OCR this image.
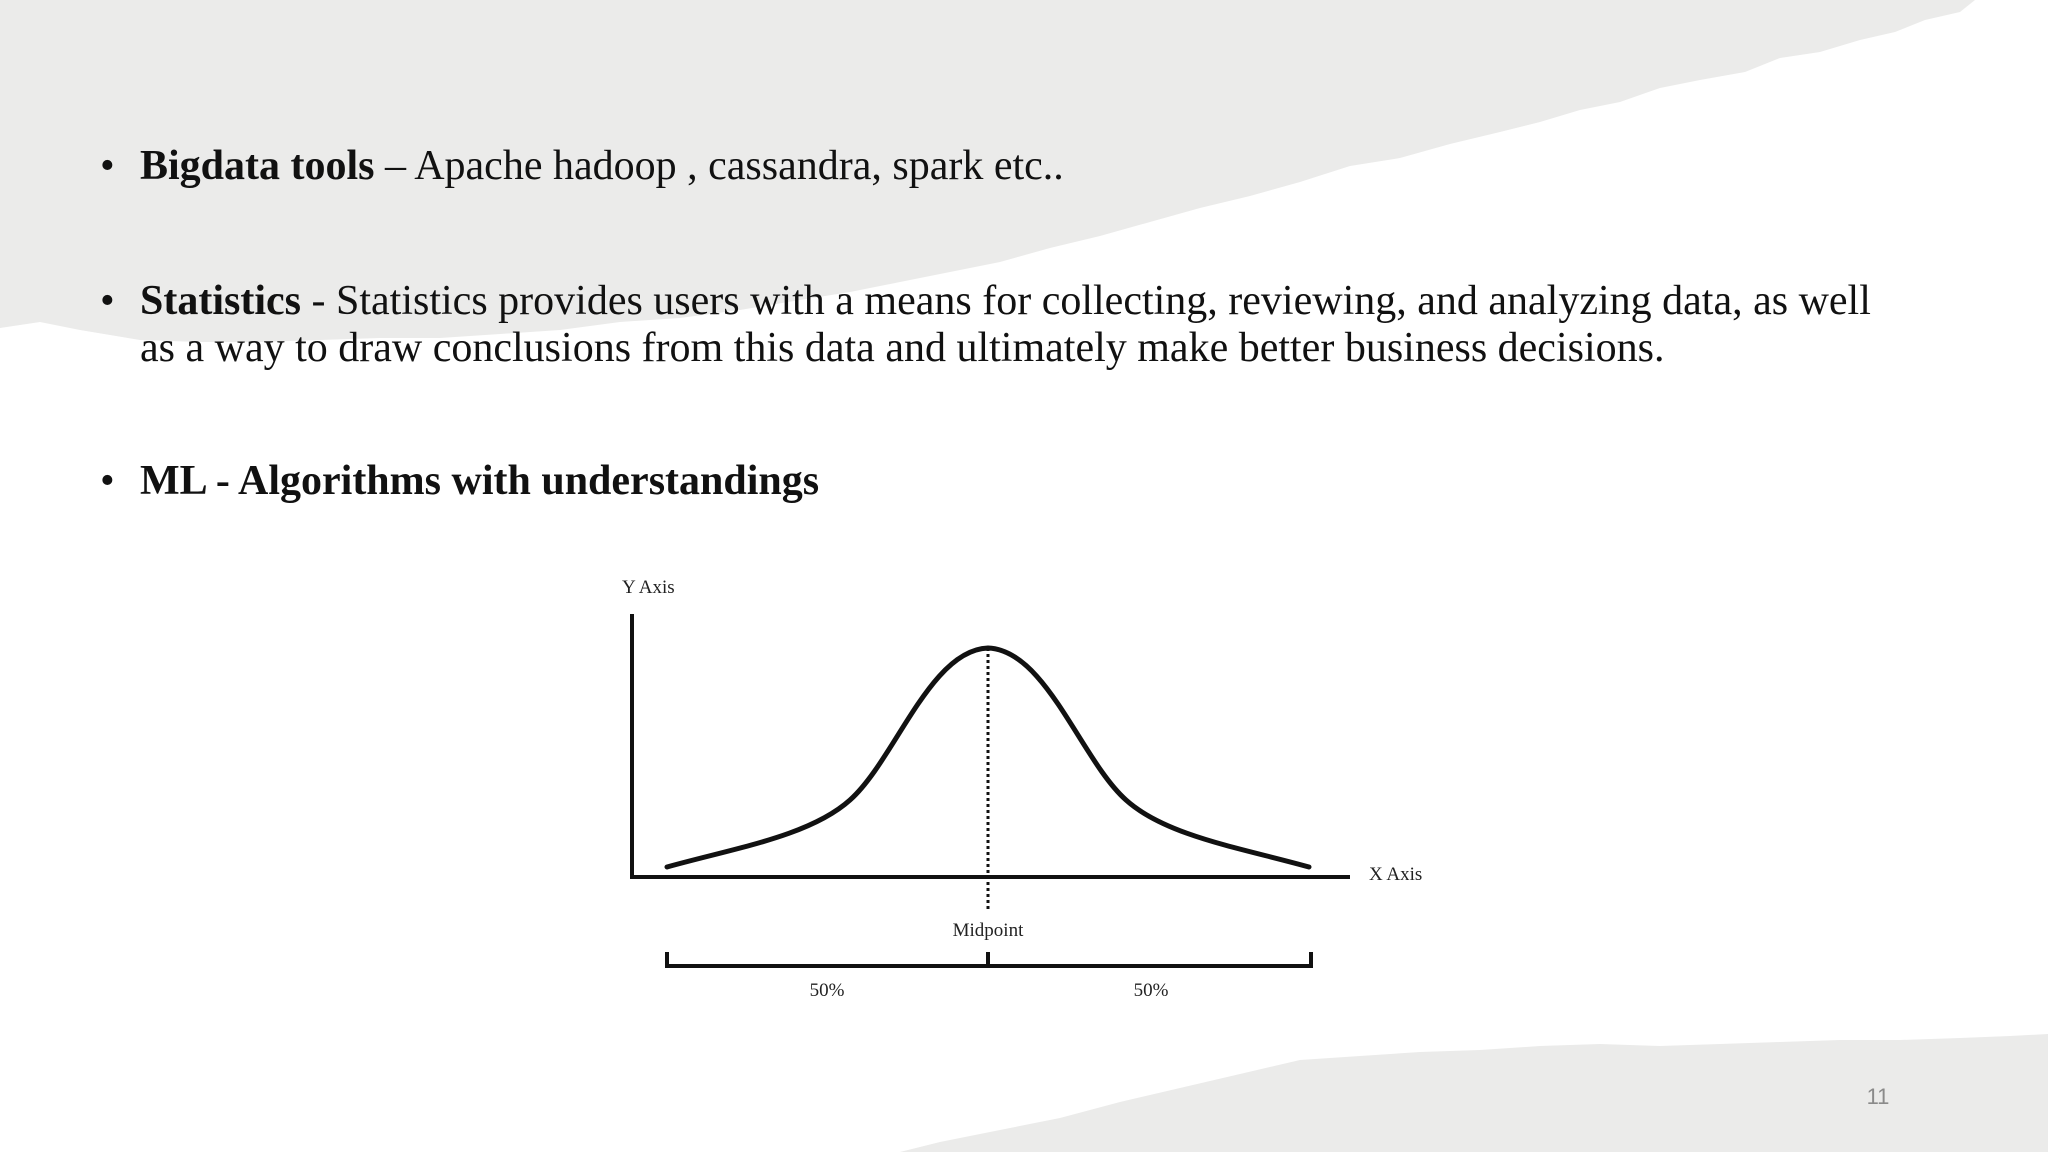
• Bigdata tools – Apache hadoop , cassandra, spark etc..
• Statistics - Statistics provides users with a means for collecting, reviewing, and analyzing data, as well
as a way to draw conclusions from this data and ultimately make better business decisions.
• ML - Algorithms with understandings
Y Axis
X Axis
Midpoint
50%	50%
11
